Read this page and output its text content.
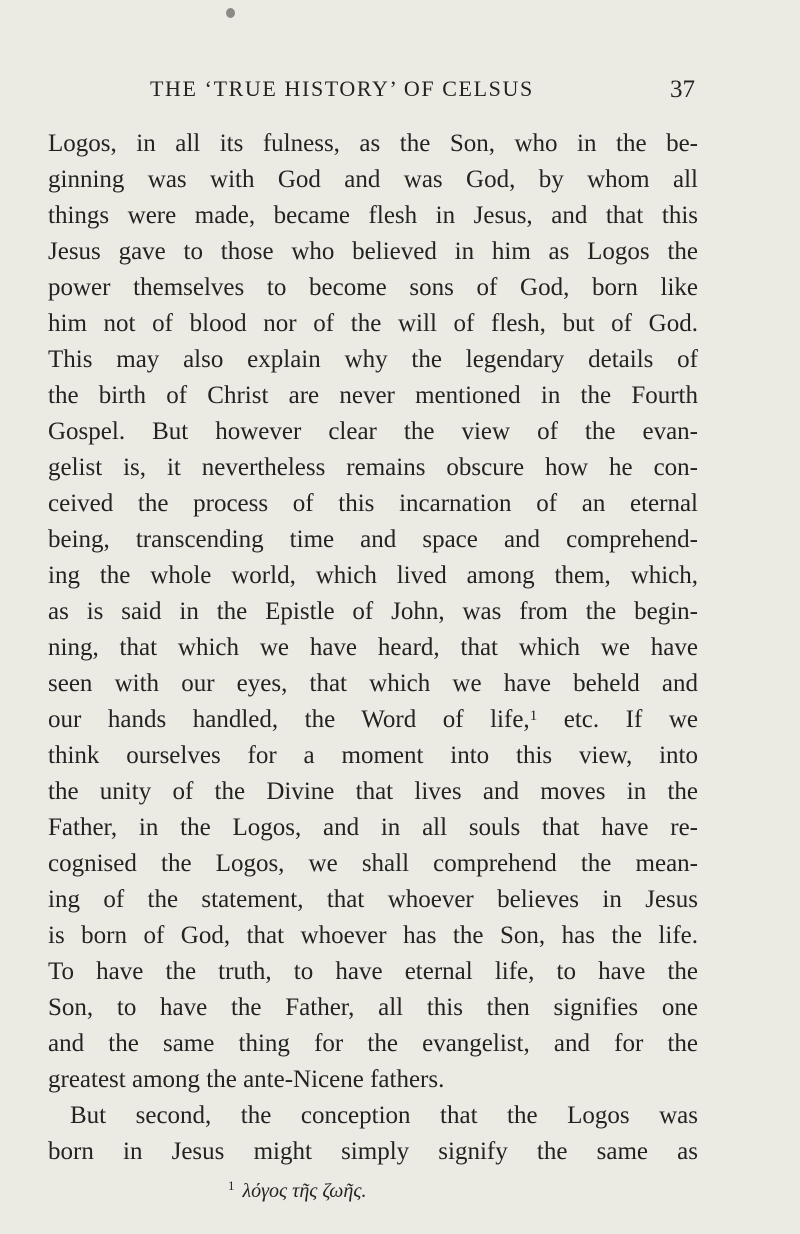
THE ‘TRUE HISTORY’ OF CELSUS	37
Logos, in all its fulness, as the Son, who in the be-
ginning was with God and was God, by whom all
things were made, became flesh in Jesus, and that this
Jesus gave to those who believed in him as Logos the
power themselves to become sons of God, born like
him not of blood nor of the will of flesh, but of God.
This may also explain why the legendary details of
the birth of Christ are never mentioned in the Fourth
Gospel. But however clear the view of the evan-
gelist is, it nevertheless remains obscure how he con-
ceived the process of this incarnation of an eternal
being, transcending time and space and comprehend-
ing the whole world, which lived among them, which,
as is said in the Epistle of John, was from the begin-
ning, that which we have heard, that which we have
seen with our eyes, that which we have beheld and
our hands handled, the Word of life,$^1$ etc. If we
think ourselves for a moment into this view, into
the unity of the Divine that lives and moves in the
Father, in the Logos, and in all souls that have re-
cognised the Logos, we shall comprehend the mean-
ing of the statement, that whoever believes in Jesus
is born of God, that whoever has the Son, has the life.
To have the truth, to have eternal life, to have the
Son, to have the Father, all this then signifies one
and the same thing for the evangelist, and for the
greatest among the ante-Nicene fathers.
But second, the conception that the Logos was
born in Jesus might simply signify the same as
$^1$ λόγος τῆς ζωῆς.
